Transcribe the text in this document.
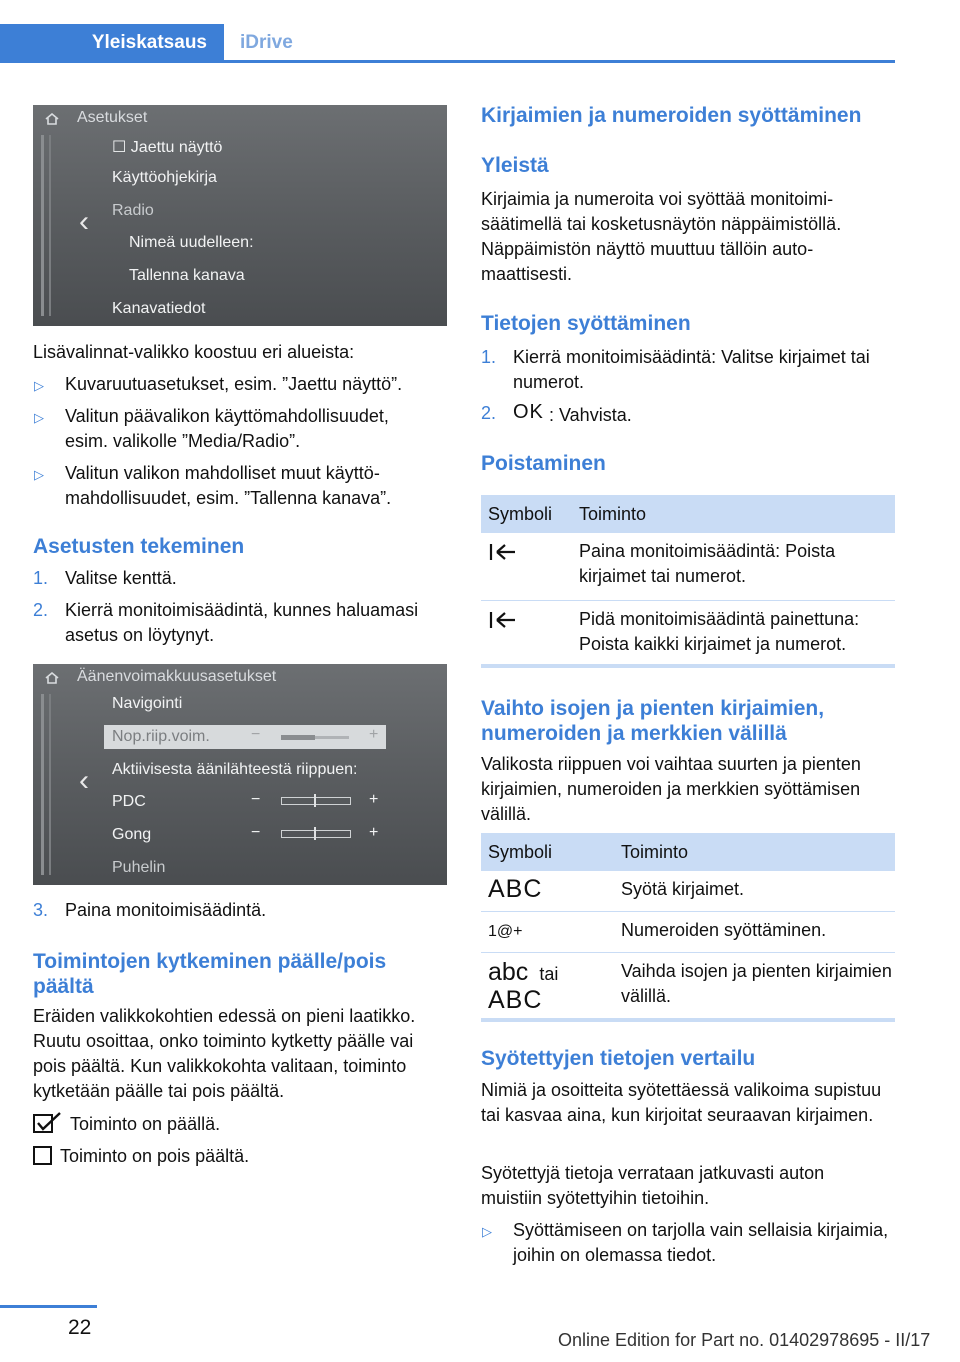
Yleiskatsaus	iDrive
Asetukset
‹
☐ Jaettu näyttö
Käyttöohjekirja
Radio
Nimeä uudelleen:
Tallenna kanava
Kanavatiedot
Lisävalinnat-valikko koostuu eri alueista:
▷ Kuvaruutuasetukset, esim. ”Jaettu näyttö”.
▷ Valitun päävalikon käyttömahdollisuudet, esim. valikolle ”Media/Radio”.
▷ Valitun valikon mahdolliset muut käyttömahdollisuudet, esim. ”Tallenna kanava”.
Asetusten tekeminen
1. Valitse kenttä.
2. Kierrä monitoimisäädintä, kunnes haluamasi asetus on löytynyt.
Äänenvoimakkuusasetukset
‹
Navigointi
Nop.riip.voim.	−	+
Aktiivisesta äänilähteestä riippuen:
PDC	−	+
Gong	−	+
Puhelin
3. Paina monitoimisäädintä.
Toimintojen kytkeminen päälle/pois päältä
Eräiden valikkokohtien edessä on pieni laatikko. Ruutu osoittaa, onko toiminto kytketty päälle vai pois päältä. Kun valikkokohta valitaan, toiminto kytketään päälle tai pois päältä.
Toiminto on päällä.
Toiminto on pois päältä.
Kirjaimien ja numeroiden syöttäminen
Yleistä
Kirjaimia ja numeroita voi syöttää monitoimisäätimellä tai kosketusnäytön näppäimistöllä. Näppäimistön näyttö muuttuu tällöin automaattisesti.
Tietojen syöttäminen
1. Kierrä monitoimisäädintä: Valitse kirjaimet tai numerot.
2. OK : Vahvista.
Poistaminen
Symboli	Toiminto
	Paina monitoimisäädintä: Poista kirjaimet tai numerot.
	Pidä monitoimisäädintä painettuna: Poista kaikki kirjaimet ja numerot.
Vaihto isojen ja pienten kirjaimien, numeroiden ja merkkien välillä
Valikosta riippuen voi vaihtaa suurten ja pienten kirjaimien, numeroiden ja merkkien syöttämisen välillä.
Symboli	Toiminto
ABC	Syötä kirjaimet.
1@+	Numeroiden syöttäminen.
abc tai
ABC	Vaihda isojen ja pienten kirjaimien välillä.
Syötettyjen tietojen vertailu
Nimiä ja osoitteita syötettäessä valikoima supistuu tai kasvaa aina, kun kirjoitat seuraavan kirjaimen.
Syötettyjä tietoja verrataan jatkuvasti auton muistiin syötettyihin tietoihin.
▷ Syöttämiseen on tarjolla vain sellaisia kirjaimia, joihin on olemassa tiedot.
22
Online Edition for Part no. 01402978695 - II/17
